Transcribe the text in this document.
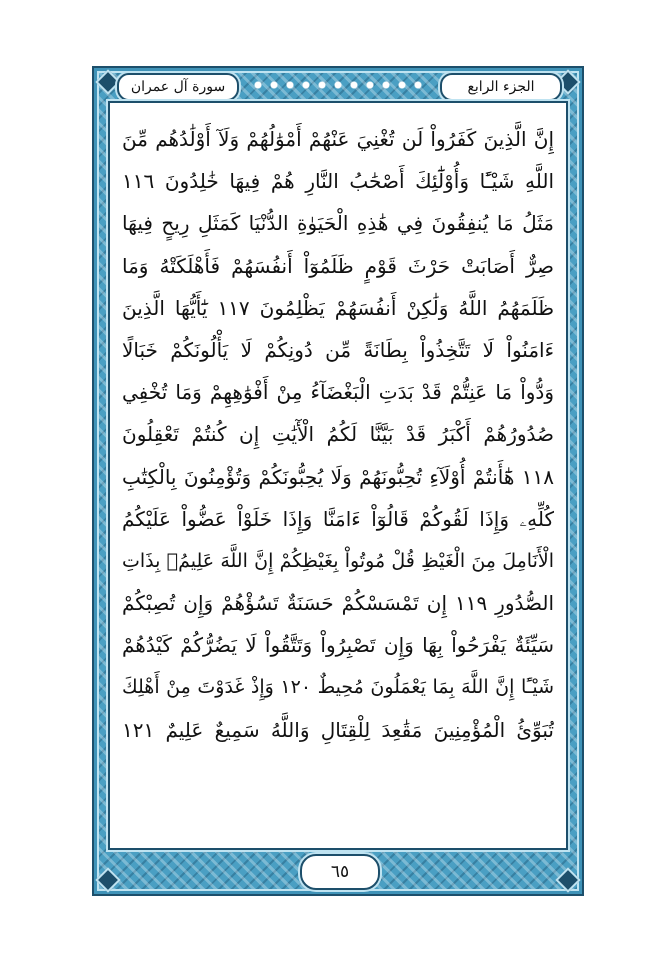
الجزء الرابع
سورة آل عمران
إِنَّ الَّذِينَ كَفَرُواْ لَن تُغْنِيَ عَنْهُمْ أَمْوَٰلُهُمْ وَلَآ أَوْلَٰدُهُم مِّنَ
اللَّهِ شَيْـًٔا وَأُوْلَٰٓئِكَ أَصْحَٰبُ النَّارِ هُمْ فِيهَا خَٰلِدُونَ ١١٦
مَثَلُ مَا يُنفِقُونَ فِي هَٰذِهِ الْحَيَوٰةِ الدُّنْيَا كَمَثَلِ رِيحٍ فِيهَا
صِرٌّ أَصَابَتْ حَرْثَ قَوْمٍ ظَلَمُوٓاْ أَنفُسَهُمْ فَأَهْلَكَتْهُ وَمَا
ظَلَمَهُمُ اللَّهُ وَلَٰكِنْ أَنفُسَهُمْ يَظْلِمُونَ ١١٧ يَٰٓأَيُّهَا الَّذِينَ
ءَامَنُواْ لَا تَتَّخِذُواْ بِطَانَةً مِّن دُونِكُمْ لَا يَأْلُونَكُمْ خَبَالًا
وَدُّواْ مَا عَنِتُّمْ قَدْ بَدَتِ الْبَغْضَآءُ مِنْ أَفْوَٰهِهِمْ وَمَا تُخْفِي
صُدُورُهُمْ أَكْبَرُ قَدْ بَيَّنَّا لَكُمُ الْأٓيَٰتِ إِن كُنتُمْ تَعْقِلُونَ
١١٨ هَٰٓأَنتُمْ أُوْلَآءِ تُحِبُّونَهُمْ وَلَا يُحِبُّونَكُمْ وَتُؤْمِنُونَ بِالْكِتَٰبِ
كُلِّهِۦ وَإِذَا لَقُوكُمْ قَالُوٓاْ ءَامَنَّا وَإِذَا خَلَوْاْ عَضُّواْ عَلَيْكُمُ
الْأَنَامِلَ مِنَ الْغَيْظِ قُلْ مُوتُواْ بِغَيْظِكُمْ إِنَّ اللَّهَ عَلِيمُۢ بِذَاتِ
الصُّدُورِ ١١٩ إِن تَمْسَسْكُمْ حَسَنَةٌ تَسُؤْهُمْ وَإِن تُصِبْكُمْ
سَيِّئَةٌ يَفْرَحُواْ بِهَا وَإِن تَصْبِرُواْ وَتَتَّقُواْ لَا يَضُرُّكُمْ كَيْدُهُمْ
شَيْـًٔا إِنَّ اللَّهَ بِمَا يَعْمَلُونَ مُحِيطٌ ١٢٠ وَإِذْ غَدَوْتَ مِنْ أَهْلِكَ
تُبَوِّئُ الْمُؤْمِنِينَ مَقَٰعِدَ لِلْقِتَالِ وَاللَّهُ سَمِيعٌ عَلِيمٌ ١٢١
٦٥
